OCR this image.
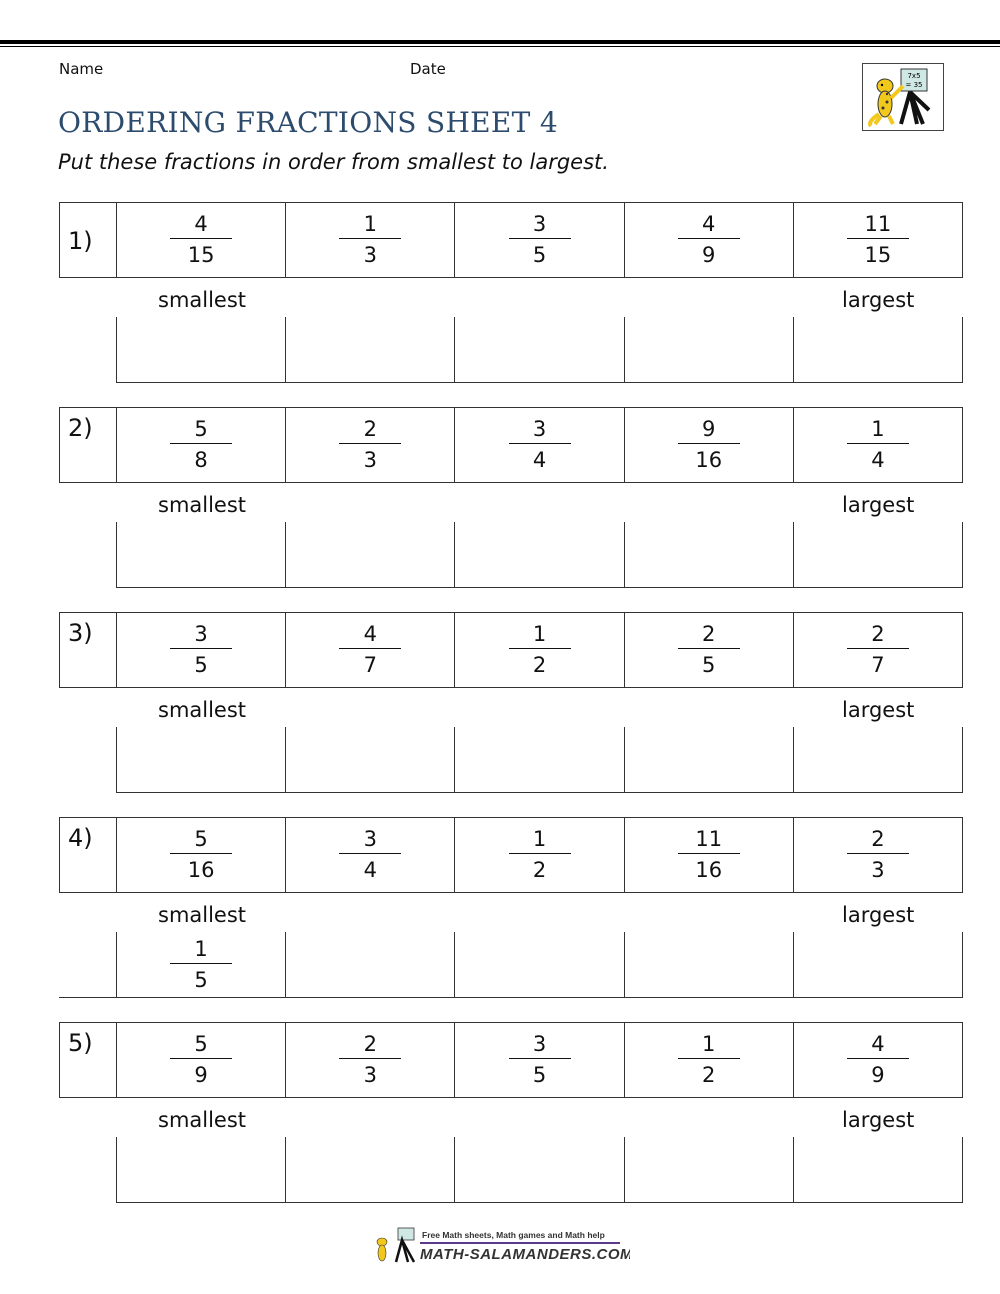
Name	Date
ORDERING FRACTIONS SHEET 4
Put these fractions in order from smallest to largest.
7x5
= 35
1)	$\frac{4}{15}$	$\frac{1}{3}$	$\frac{3}{5}$	$\frac{4}{9}$	$\frac{11}{15}$
smallest	largest
2)	$\frac{5}{8}$	$\frac{2}{3}$	$\frac{3}{4}$	$\frac{9}{16}$	$\frac{1}{4}$
smallest	largest
3)	$\frac{3}{5}$	$\frac{4}{7}$	$\frac{1}{2}$	$\frac{2}{5}$	$\frac{2}{7}$
smallest	largest
4)	$\frac{5}{16}$	$\frac{3}{4}$	$\frac{1}{2}$	$\frac{11}{16}$	$\frac{2}{3}$
smallest	largest
$\frac{1}{5}$
5)	$\frac{5}{9}$	$\frac{2}{3}$	$\frac{3}{5}$	$\frac{1}{2}$	$\frac{4}{9}$
smallest	largest
Free Math sheets, Math games and Math help
MATH-SALAMANDERS.COM
